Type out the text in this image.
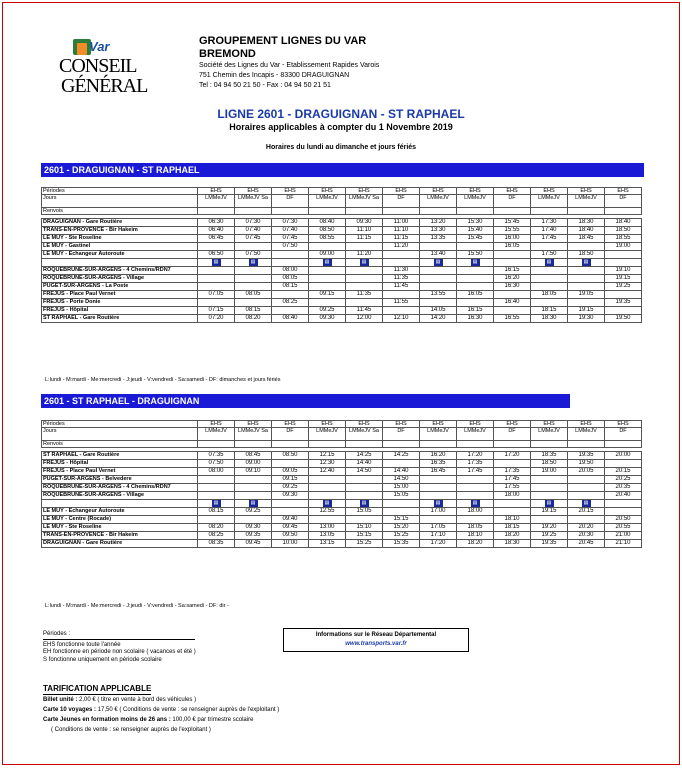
Var
CONSEIL
GÉNÉRAL
GROUPEMENT LIGNES DU VAR
BREMOND
Société des Lignes du Var - Etablissement Rapides Varois
751 Chemin des Incapis - 83300 DRAGUIGNAN
Tel : 04 94 50 21 50 - Fax : 04 94 50 21 51
LIGNE 2601 - DRAGUIGNAN - ST RAPHAEL
Horaires applicables à compter du 1 Novembre 2019
Horaires du lundi au dimanche et jours fériés
2601 - DRAGUIGNAN - ST RAPHAEL
Périodes	EHS	EHS	EHS	EHS	EHS	EHS	EHS	EHS	EHS	EHS	EHS	EHS
Jours	LMMeJV	LMMeJV Sa	DF	LMMeJV	LMMeJV Sa	DF	LMMeJV	LMMeJV	DF	LMMeJV	LMMeJV	DF
Renvois												

DRAGUIGNAN - Gare Routière	06:30	07:30	07:30	08:40	09:30	11:00	13:20	15:30	15:45	17:30	18:30	18:40
TRANS-EN-PROVENCE - Bir Hakeim	06:40	07:40	07:40	08:50	11:10	11:10	13:30	15:40	15:55	17:40	18:40	18:50
LE MUY - Ste Roseline	06:45	07:45	07:45	08:55	11:15	11:15	13:35	15:45	16:00	17:45	18:45	18:55
LE MUY - Gastinel			07:50			11:20			16:05			19:00
LE MUY - Echangeur Autoroute	06:50	07:50		09:00	11:20		13:40	15:50		17:50	18:50	
	▤	▤		▤	▤		▤	▤		▤	▤	
ROQUEBRUNE-SUR-ARGENS - 4 Chemins/RDN7			08:00			11:30			16:15			19:10
ROQUEBRUNE-SUR-ARGENS - Village			08:05			11:35			16:20			19:15
PUGET-SUR-ARGENS - La Poste			08:15			11:45			16:30			19:25
FREJUS - Place Paul Vernet	07:05	08:05		09:15	11:35		13:55	16:05		18:05	19:05	
FREJUS - Porte Donie			08:25			11:55			16:40			19:35
FREJUS - Hôpital	07:15	08:15		09:25	11:45		14:05	16:15		18:15	19:15	
ST RAPHAEL - Gare Routière	07:20	08:20	08:40	09:30	12:00	12:10	14:20	16:30	16:55	18:30	19:30	19:50
L:lundi - M:mardi - Me:mercredi - J:jeudi - V:vendredi - Sa:samedi - DF: dimanches et jours fériés
2601 - ST RAPHAEL - DRAGUIGNAN
Périodes	EHS	EHS	EHS	EHS	EHS	EHS	EHS	EHS	EHS	EHS	EHS	EHS
Jours	LMMeJV	LMMeJV Sa	DF	LMMeJV	LMMeJV Sa	DF	LMMeJV	LMMeJV	DF	LMMeJV	LMMeJV	DF
Renvois												

ST RAPHAEL - Gare Routière	07:35	08:45	08:50	12:15	14:25	14:25	16:20	17:20	17:20	18:35	19:35	20:00
FREJUS - Hôpital	07:50	09:00		12:30	14:40		16:35	17:35		18:50	19:50	
FREJUS - Place Paul Vernet	08:00	09:10	09:05	12:40	14:50	14:40	16:45	17:45	17:35	19:00	20:05	20:15
PUGET-SUR-ARGENS - Belvedere			09:15			14:50			17:45			20:25
ROQUEBRUNE-SUR-ARGENS - 4 Chemins/RDN7			09:25			15:00			17:55			20:35
ROQUEBRUNE-SUR-ARGENS - Village			09:30			15:05			18:00			20:40
	▤	▤		▤	▤		▤	▤		▤	▤	
LE MUY - Echangeur Autoroute	08:15	09:25		12:55	15:05		17:00	18:00		19:15	20:15	
LE MUY - Centre (Rocade)			09:40			15:15			18:10			20:50
LE MUY - Ste Roseline	08:20	09:30	09:45	13:00	15:10	15:20	17:05	18:05	18:15	19:20	20:20	20:55
TRANS-EN-PROVENCE - Bir Hakeim	08:25	09:35	09:50	13:05	15:15	15:25	17:10	18:10	18:20	19:25	20:30	21:00
DRAGUIGNAN - Gare Routière	08:35	09:45	10:00	13:15	15:25	15:35	17:20	18:20	18:30	19:35	20:45	21:10
L:lundi - M:mardi - Me:mercredi - J:jeudi - V:vendredi - Sa:samedi - DF: dir -
Périodes :
EHS fonctionne toute l'année
EH fonctionne en période non scolaire ( vacances et été )
S fonctionne uniquement en période scolaire
Informations sur le Réseau Départemental
www.transports.var.fr
TARIFICATION APPLICABLE
Billet unité : 2,00 € ( titre en vente à bord des véhicules )
Carte 10 voyages : 17,50 € ( Conditions de vente : se renseigner auprès de l'exploitant )
Carte Jeunes en formation moins de 26 ans : 100,00 € par trimestre scolaire
( Conditions de vente : se renseigner auprès de l'exploitant )
